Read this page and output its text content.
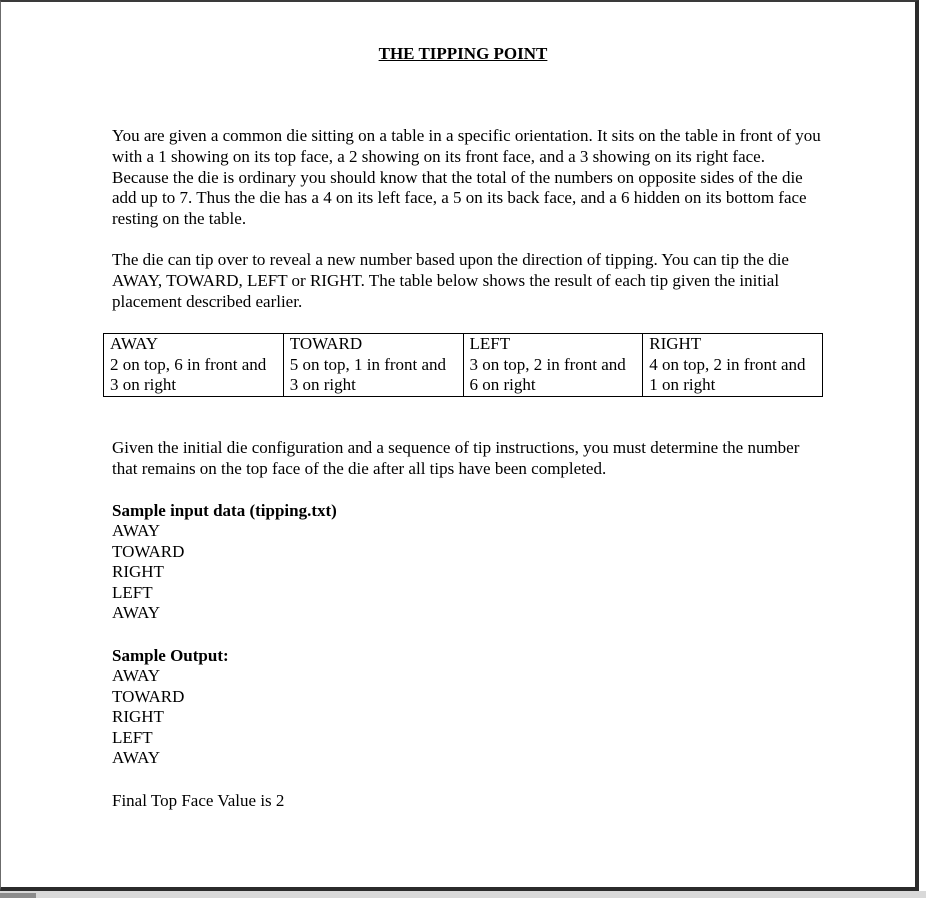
THE TIPPING POINT

You are given a common die sitting on a table in a specific orientation. It sits on the table in front of you with a 1 showing on its top face, a 2 showing on its front face, and a 3 showing on its right face. Because the die is ordinary you should know that the total of the numbers on opposite sides of the die add up to 7. Thus the die has a 4 on its left face, a 5 on its back face, and a 6 hidden on its bottom face resting on the table.

The die can tip over to reveal a new number based upon the direction of tipping. You can tip the die AWAY, TOWARD, LEFT or RIGHT. The table below shows the result of each tip given the initial placement described earlier.

AWAY	TOWARD	LEFT	RIGHT
2 on top, 6 in front and 3 on right	5 on top, 1 in front and 3 on right	3 on top, 2 in front and 6 on right	4 on top, 2 in front and 1 on right

Given the initial die configuration and a sequence of tip instructions, you must determine the number that remains on the top face of the die after all tips have been completed.

Sample input data (tipping.txt)

AWAY
TOWARD
RIGHT
LEFT
AWAY

Sample Output:

AWAY
TOWARD
RIGHT
LEFT
AWAY

Final Top Face Value is 2
